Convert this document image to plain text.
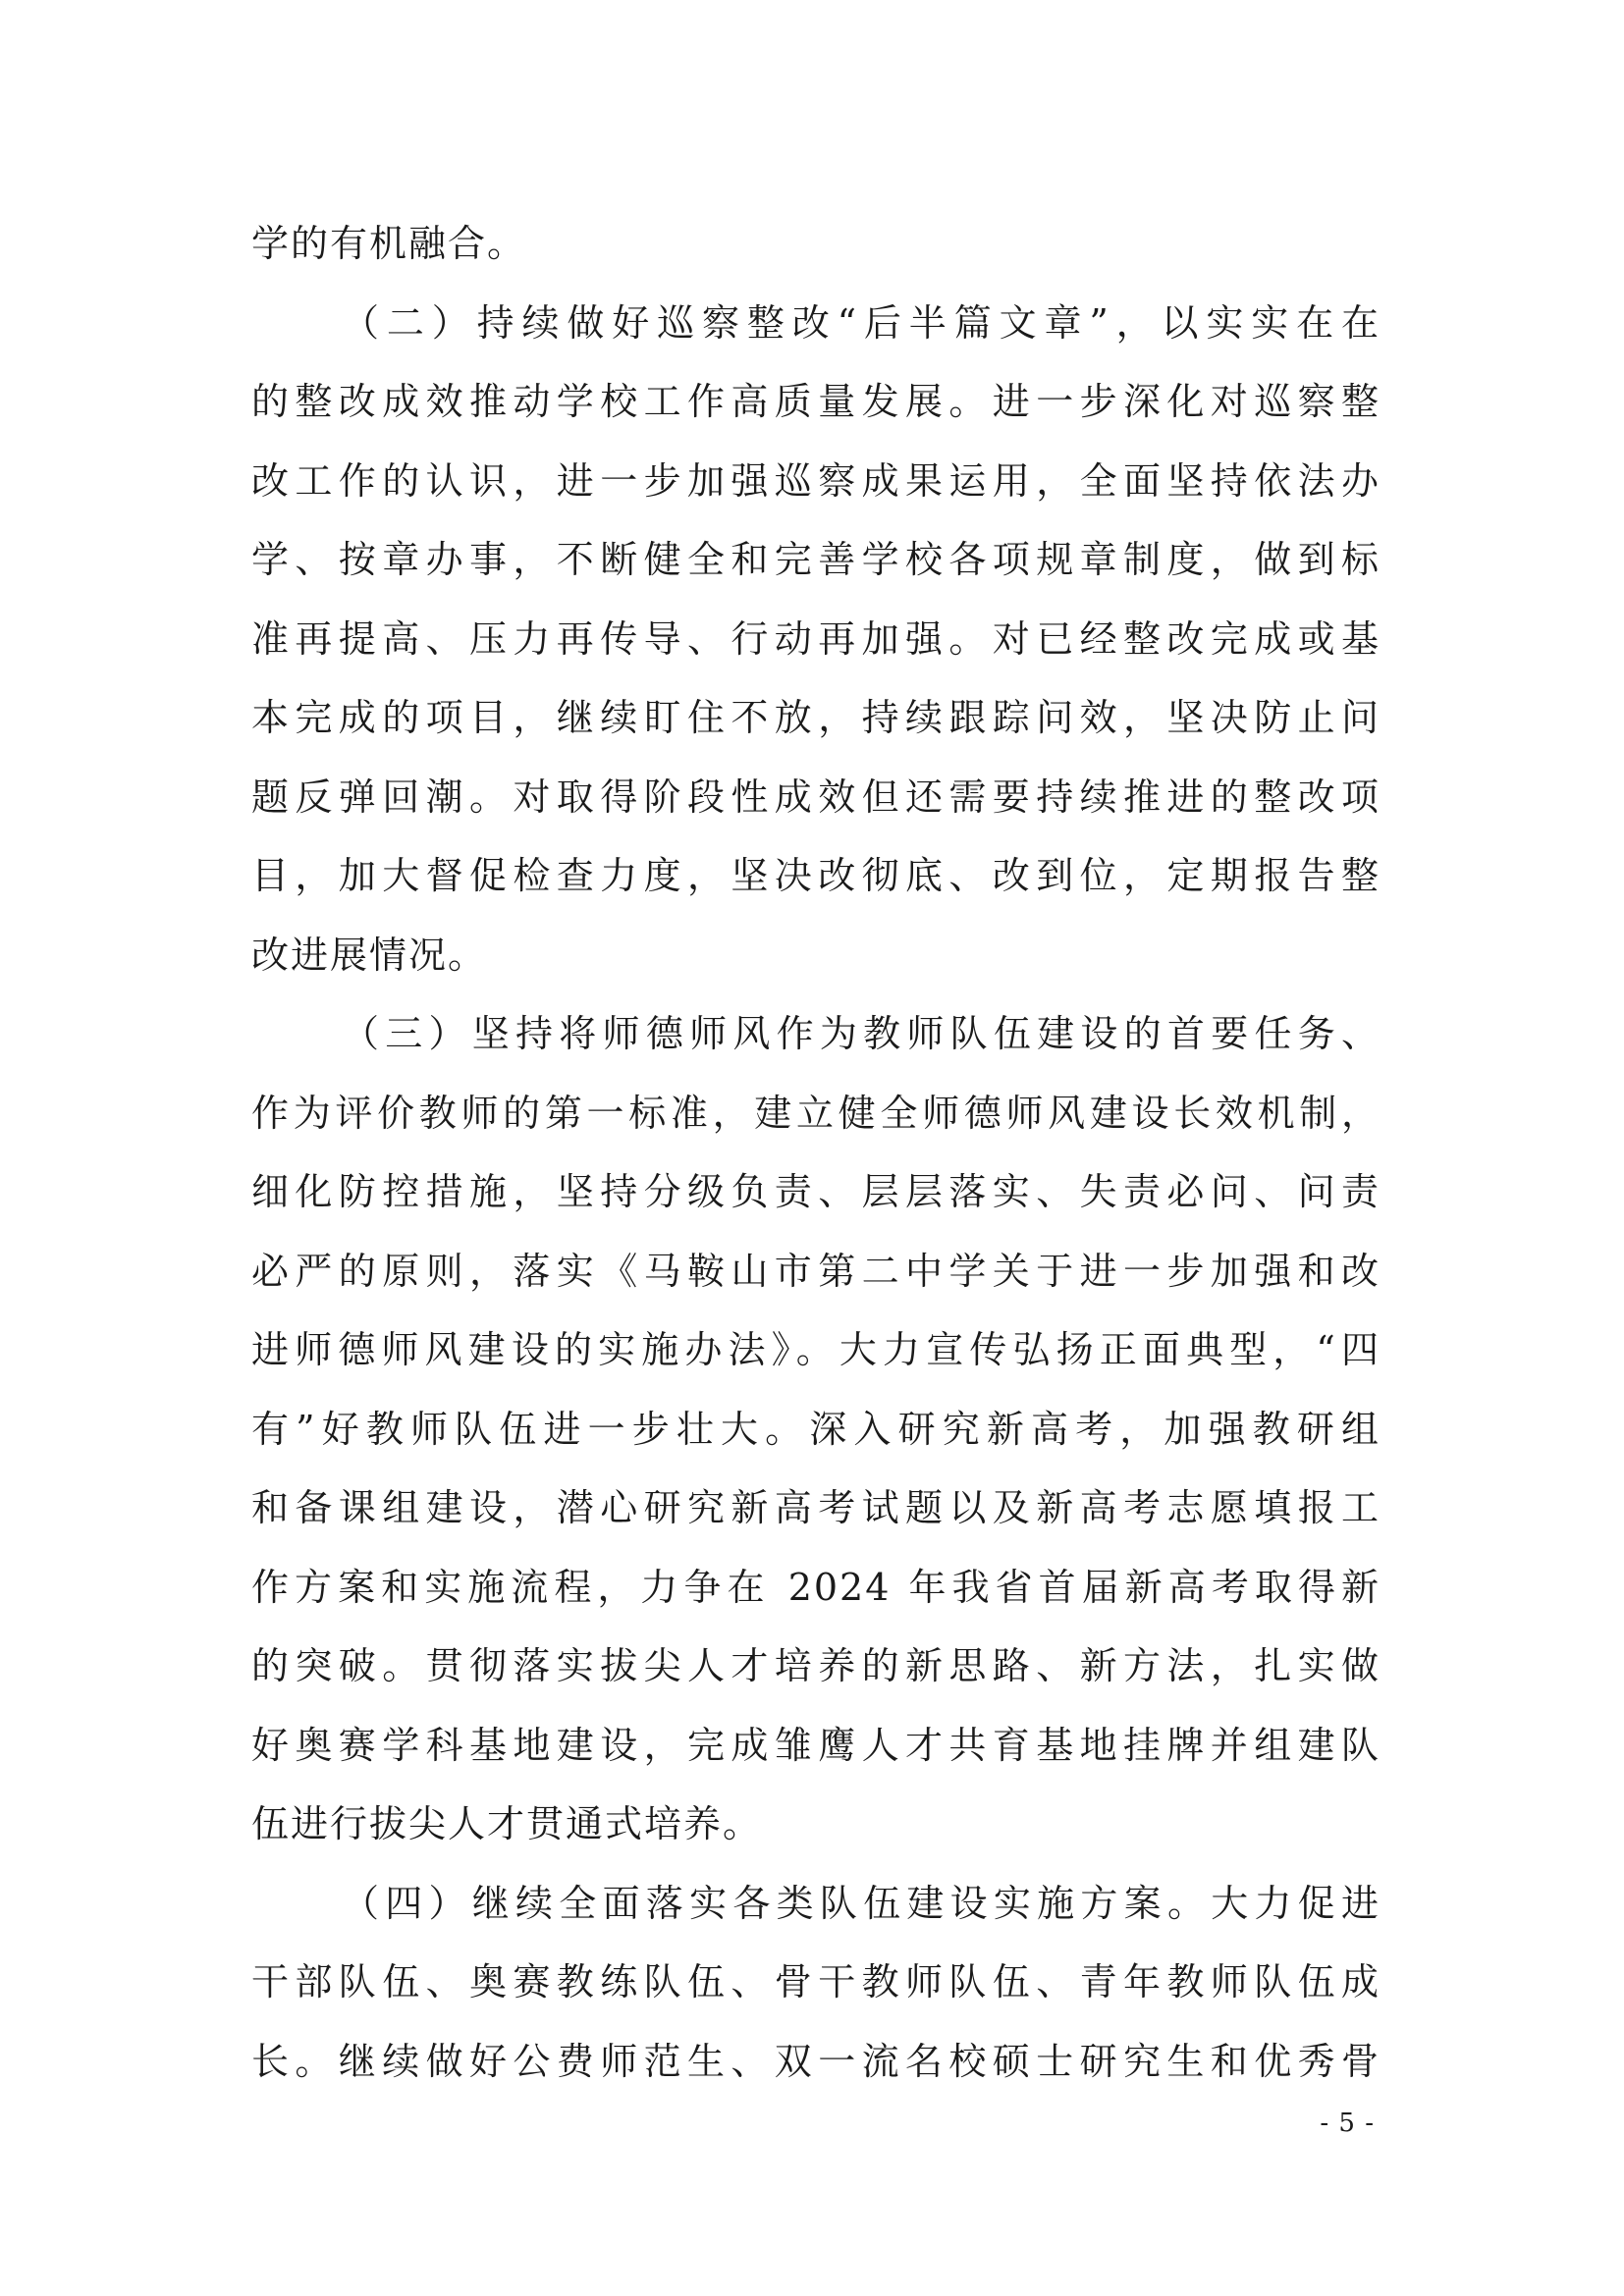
学的有机融合。
（二）持续做好巡察整改“后半篇文章”，以实实在在
的整改成效推动学校工作高质量发展。进一步深化对巡察整
改工作的认识，进一步加强巡察成果运用，全面坚持依法办
学、按章办事，不断健全和完善学校各项规章制度，做到标
准再提高、压力再传导、行动再加强。对已经整改完成或基
本完成的项目，继续盯住不放，持续跟踪问效，坚决防止问
题反弹回潮。对取得阶段性成效但还需要持续推进的整改项
目，加大督促检查力度，坚决改彻底、改到位，定期报告整
改进展情况。
（三）坚持将师德师风作为教师队伍建设的首要任务、
作为评价教师的第一标准，建立健全师德师风建设长效机制，
细化防控措施，坚持分级负责、层层落实、失责必问、问责
必严的原则，落实《马鞍山市第二中学关于进一步加强和改
进师德师风建设的实施办法》。大力宣传弘扬正面典型，“四
有”好教师队伍进一步壮大。深入研究新高考，加强教研组
和备课组建设，潜心研究新高考试题以及新高考志愿填报工
作方案和实施流程，力争在 2024 年我省首届新高考取得新
的突破。贯彻落实拔尖人才培养的新思路、新方法，扎实做
好奥赛学科基地建设，完成雏鹰人才共育基地挂牌并组建队
伍进行拔尖人才贯通式培养。
（四）继续全面落实各类队伍建设实施方案。大力促进
干部队伍、奥赛教练队伍、骨干教师队伍、青年教师队伍成
长。继续做好公费师范生、双一流名校硕士研究生和优秀骨
- 5 -
